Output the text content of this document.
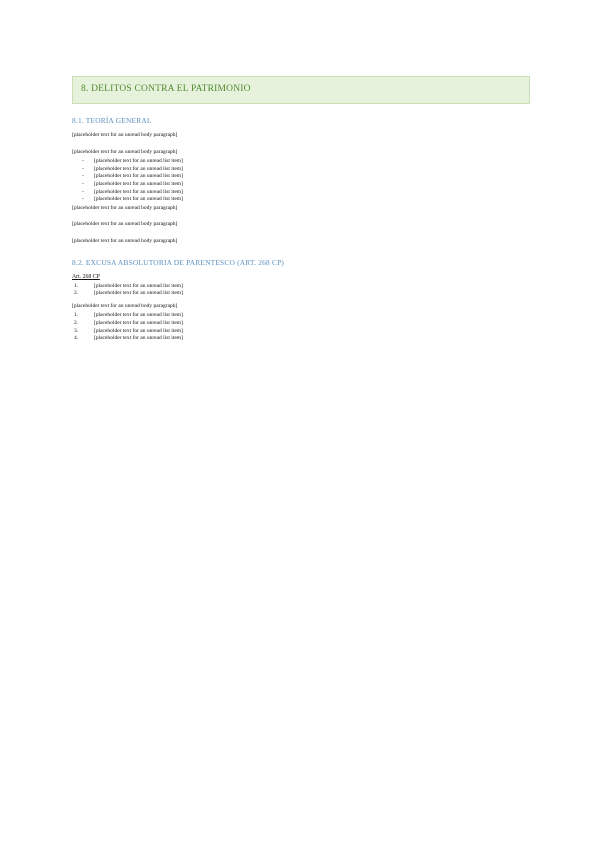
8. DELITOS CONTRA EL PATRIMONIO
8.1. TEORÍA GENERAL

[placeholder text for an unread body paragraph]

[placeholder text for an unread body paragraph]

- [placeholder text for an unread list item]
- [placeholder text for an unread list item]
- [placeholder text for an unread list item]
- [placeholder text for an unread list item]
- [placeholder text for an unread list item]
- [placeholder text for an unread list item]

[placeholder text for an unread body paragraph]

[placeholder text for an unread body paragraph]

[placeholder text for an unread body paragraph]

8.2. EXCUSA ABSOLUTORIA DE PARENTESCO (ART. 268 CP)
Art. 268 CP
1.	[placeholder text for an unread list item]
2.	[placeholder text for an unread list item]

[placeholder text for an unread body paragraph]

1.	[placeholder text for an unread list item]
2.	[placeholder text for an unread list item]
3.	[placeholder text for an unread list item]
4.	[placeholder text for an unread list item]
